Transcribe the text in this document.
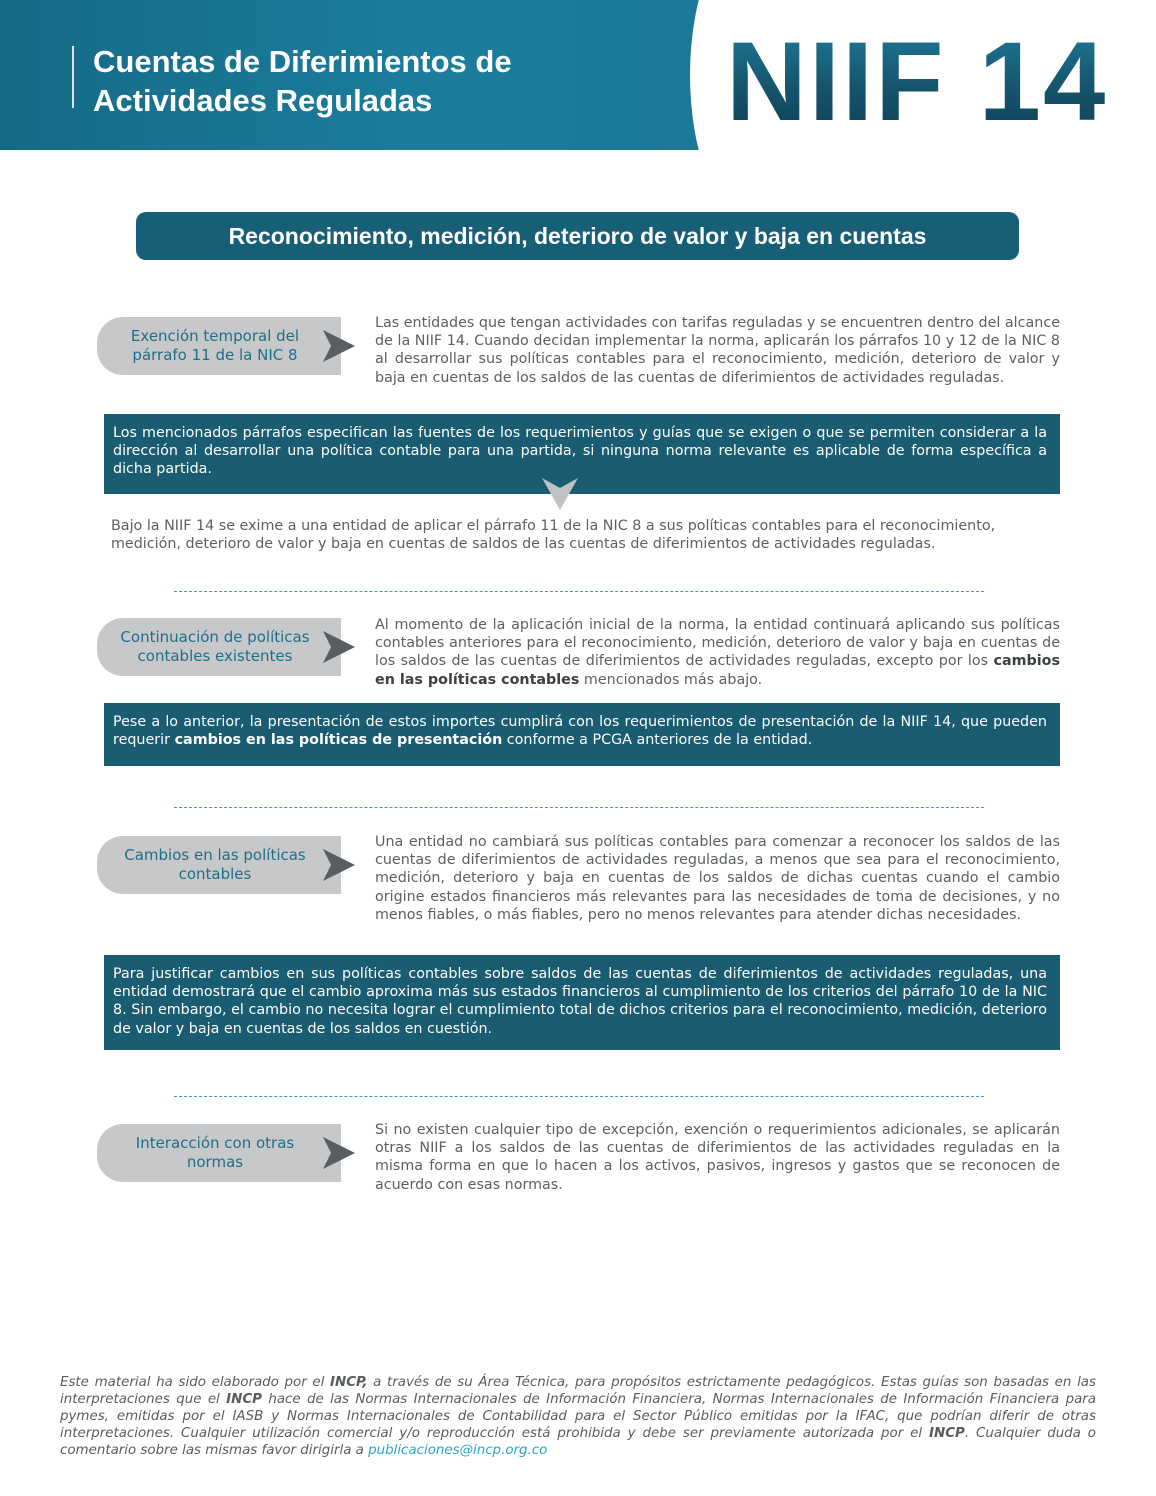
Cuentas de Diferimientos de
Actividades Reguladas	NIIF 14
Reconocimiento, medición, deterioro de valor y baja en cuentas
Exención temporal del
párrafo 11 de la NIC 8

Las entidades que tengan actividades con tarifas reguladas y se encuentren dentro del alcance de la NIIF 14. Cuando decidan implementar la norma, aplicarán los párrafos 10 y 12 de la NIC 8 al desarrollar sus políticas contables para el reconocimiento, medición, deterioro de valor y baja en cuentas de los saldos de las cuentas de diferimientos de actividades reguladas.

Los mencionados párrafos especifican las fuentes de los requerimientos y guías que se exigen o que se permiten considerar a la dirección al desarrollar una política contable para una partida, si ninguna norma relevante es aplicable de forma específica a dicha partida.

Bajo la NIIF 14 se exime a una entidad de aplicar el párrafo 11 de la NIC 8 a sus políticas contables para el reconocimiento, medición, deterioro de valor y baja en cuentas de saldos de las cuentas de diferimientos de actividades reguladas.

Continuación de políticas
contables existentes

Al momento de la aplicación inicial de la norma, la entidad continuará aplicando sus políticas contables anteriores para el reconocimiento, medición, deterioro de valor y baja en cuentas de los saldos de las cuentas de diferimientos de actividades reguladas, excepto por los cambios en las políticas contables mencionados más abajo.

Pese a lo anterior, la presentación de estos importes cumplirá con los requerimientos de presentación de la NIIF 14, que pueden requerir cambios en las políticas de presentación conforme a PCGA anteriores de la entidad.

Cambios en las políticas
contables

Una entidad no cambiará sus políticas contables para comenzar a reconocer los saldos de las cuentas de diferimientos de actividades reguladas, a menos que sea para el reconocimiento, medición, deterioro y baja en cuentas de los saldos de dichas cuentas cuando el cambio origine estados financieros más relevantes para las necesidades de toma de decisiones, y no menos fiables, o más fiables, pero no menos relevantes para atender dichas necesidades.

Para justificar cambios en sus políticas contables sobre saldos de las cuentas de diferimientos de actividades reguladas, una entidad demostrará que el cambio aproxima más sus estados financieros al cumplimiento de los criterios del párrafo 10 de la NIC 8. Sin embargo, el cambio no necesita lograr el cumplimiento total de dichos criterios para el reconocimiento, medición, deterioro de valor y baja en cuentas de los saldos en cuestión.

Interacción con otras
normas

Si no existen cualquier tipo de excepción, exención o requerimientos adicionales, se aplicarán otras NIIF a los saldos de las cuentas de diferimientos de las actividades reguladas en la misma forma en que lo hacen a los activos, pasivos, ingresos y gastos que se reconocen de acuerdo con esas normas.

Este material ha sido elaborado por el INCP, a través de su Área Técnica, para propósitos estrictamente pedagógicos. Estas guías son basadas en las interpretaciones que el INCP hace de las Normas Internacionales de Información Financiera, Normas Internacionales de Información Financiera para pymes, emitidas por el IASB y Normas Internacionales de Contabilidad para el Sector Público emitidas por la IFAC, que podrían diferir de otras interpretaciones. Cualquier utilización comercial y/o reproducción está prohibida y debe ser previamente autorizada por el INCP. Cualquier duda o comentario sobre las mismas favor dirigirla a publicaciones@incp.org.co
